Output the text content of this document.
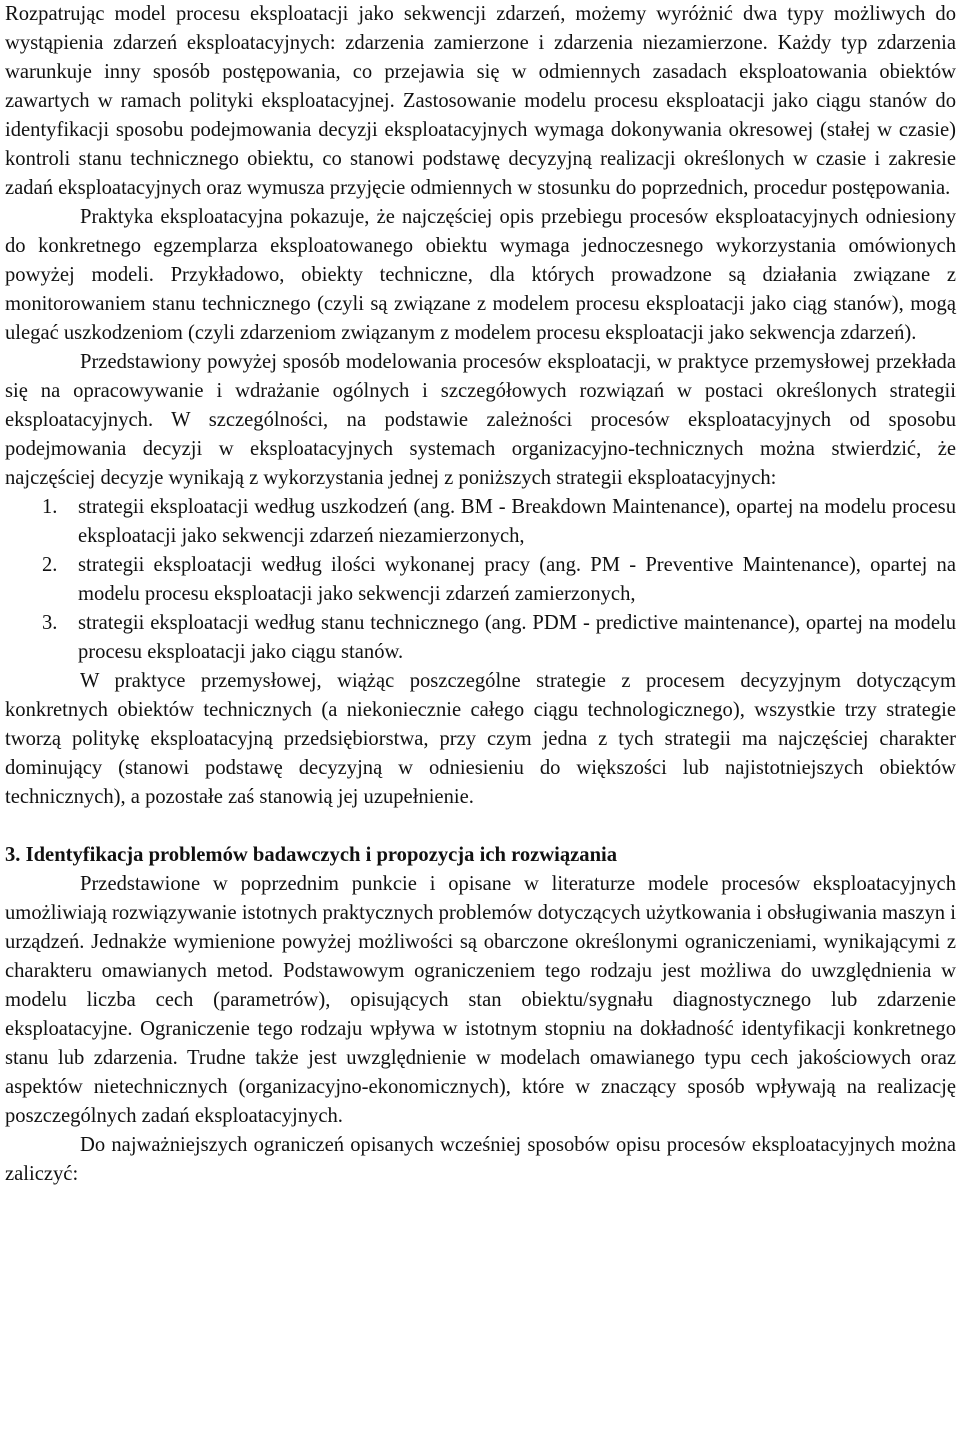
Rozpatrując model procesu eksploatacji jako sekwencji zdarzeń, możemy wyróżnić dwa typy możliwych do wystąpienia zdarzeń eksploatacyjnych: zdarzenia zamierzone i zdarzenia niezamierzone. Każdy typ zdarzenia warunkuje inny sposób postępowania, co przejawia się w odmiennych zasadach eksploatowania obiektów zawartych w ramach polityki eksploatacyjnej. Zastosowanie modelu procesu eksploatacji jako ciągu stanów do identyfikacji sposobu podejmowania decyzji eksploatacyjnych wymaga dokonywania okresowej (stałej w czasie) kontroli stanu technicznego obiektu, co stanowi podstawę decyzyjną realizacji określonych w czasie i zakresie zadań eksploatacyjnych oraz wymusza przyjęcie odmiennych w stosunku do poprzednich, procedur postępowania.

Praktyka eksploatacyjna pokazuje, że najczęściej opis przebiegu procesów eksploatacyjnych odniesiony do konkretnego egzemplarza eksploatowanego obiektu wymaga jednoczesnego wykorzystania omówionych powyżej modeli. Przykładowo, obiekty techniczne, dla których prowadzone są działania związane z monitorowaniem stanu technicznego (czyli są związane z modelem procesu eksploatacji jako ciąg stanów), mogą ulegać uszkodzeniom (czyli zdarzeniom związanym z modelem procesu eksploatacji jako sekwencja zdarzeń).

Przedstawiony powyżej sposób modelowania procesów eksploatacji, w praktyce przemysłowej przekłada się na opracowywanie i wdrażanie ogólnych i szczegółowych rozwiązań w postaci określonych strategii eksploatacyjnych. W szczególności, na podstawie zależności procesów eksploatacyjnych od sposobu podejmowania decyzji w eksploatacyjnych systemach organizacyjno-technicznych można stwierdzić, że najczęściej decyzje wynikają z wykorzystania jednej z poniższych strategii eksploatacyjnych:

1. strategii eksploatacji według uszkodzeń (ang. BM - Breakdown Maintenance), opartej na modelu procesu eksploatacji jako sekwencji zdarzeń niezamierzonych,
2. strategii eksploatacji według ilości wykonanej pracy (ang. PM - Preventive Maintenance), opartej na modelu procesu eksploatacji jako sekwencji zdarzeń zamierzonych,
3. strategii eksploatacji według stanu technicznego (ang. PDM - predictive maintenance), opartej na modelu procesu eksploatacji jako ciągu stanów.

W praktyce przemysłowej, wiążąc poszczególne strategie z procesem decyzyjnym dotyczącym konkretnych obiektów technicznych (a niekoniecznie całego ciągu technologicznego), wszystkie trzy strategie tworzą politykę eksploatacyjną przedsiębiorstwa, przy czym jedna z tych strategii ma najczęściej charakter dominujący (stanowi podstawę decyzyjną w odniesieniu do większości lub najistotniejszych obiektów technicznych), a pozostałe zaś stanowią jej uzupełnienie.

3. Identyfikacja problemów badawczych i propozycja ich rozwiązania

Przedstawione w poprzednim punkcie i opisane w literaturze modele procesów eksploatacyjnych umożliwiają rozwiązywanie istotnych praktycznych problemów dotyczących użytkowania i obsługiwania maszyn i urządzeń. Jednakże wymienione powyżej możliwości są obarczone określonymi ograniczeniami, wynikającymi z charakteru omawianych metod. Podstawowym ograniczeniem tego rodzaju jest możliwa do uwzględnienia w modelu liczba cech (parametrów), opisujących stan obiektu/sygnału diagnostycznego lub zdarzenie eksploatacyjne. Ograniczenie tego rodzaju wpływa w istotnym stopniu na dokładność identyfikacji konkretnego stanu lub zdarzenia. Trudne także jest uwzględnienie w modelach omawianego typu cech jakościowych oraz aspektów nietechnicznych (organizacyjno-ekonomicznych), które w znaczący sposób wpływają na realizację poszczególnych zadań eksploatacyjnych.

Do najważniejszych ograniczeń opisanych wcześniej sposobów opisu procesów eksploatacyjnych można zaliczyć:
